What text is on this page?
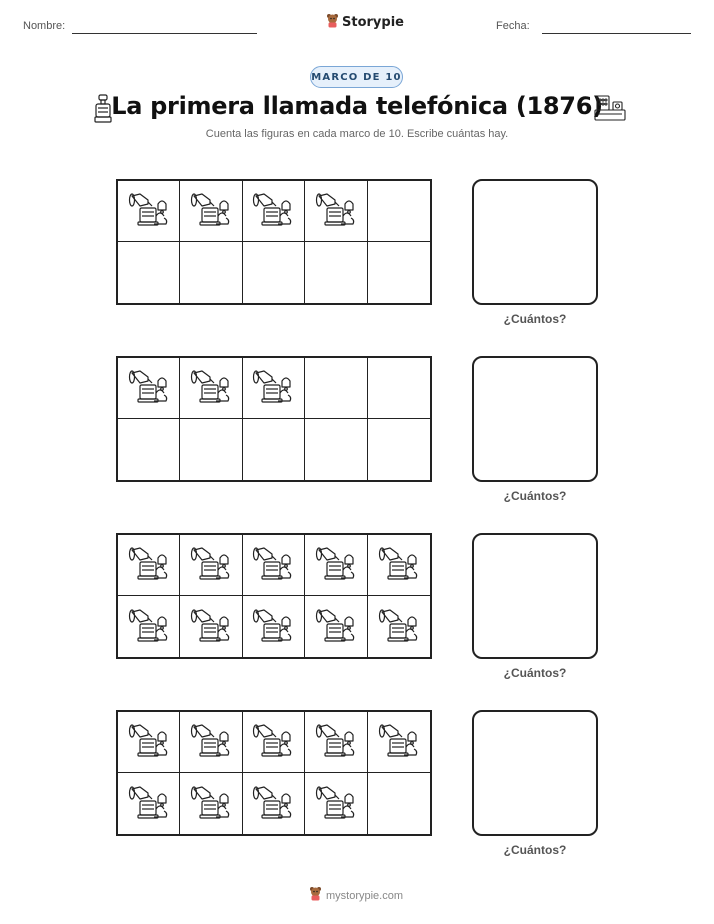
Nombre:	Storypie	Fecha:
MARCO DE 10
La primera llamada telefónica (1876)
Cuenta las figuras en cada marco de 10. Escribe cuántas hay.
¿Cuántos?
¿Cuántos?
¿Cuántos?
¿Cuántos?
mystorypie.com
